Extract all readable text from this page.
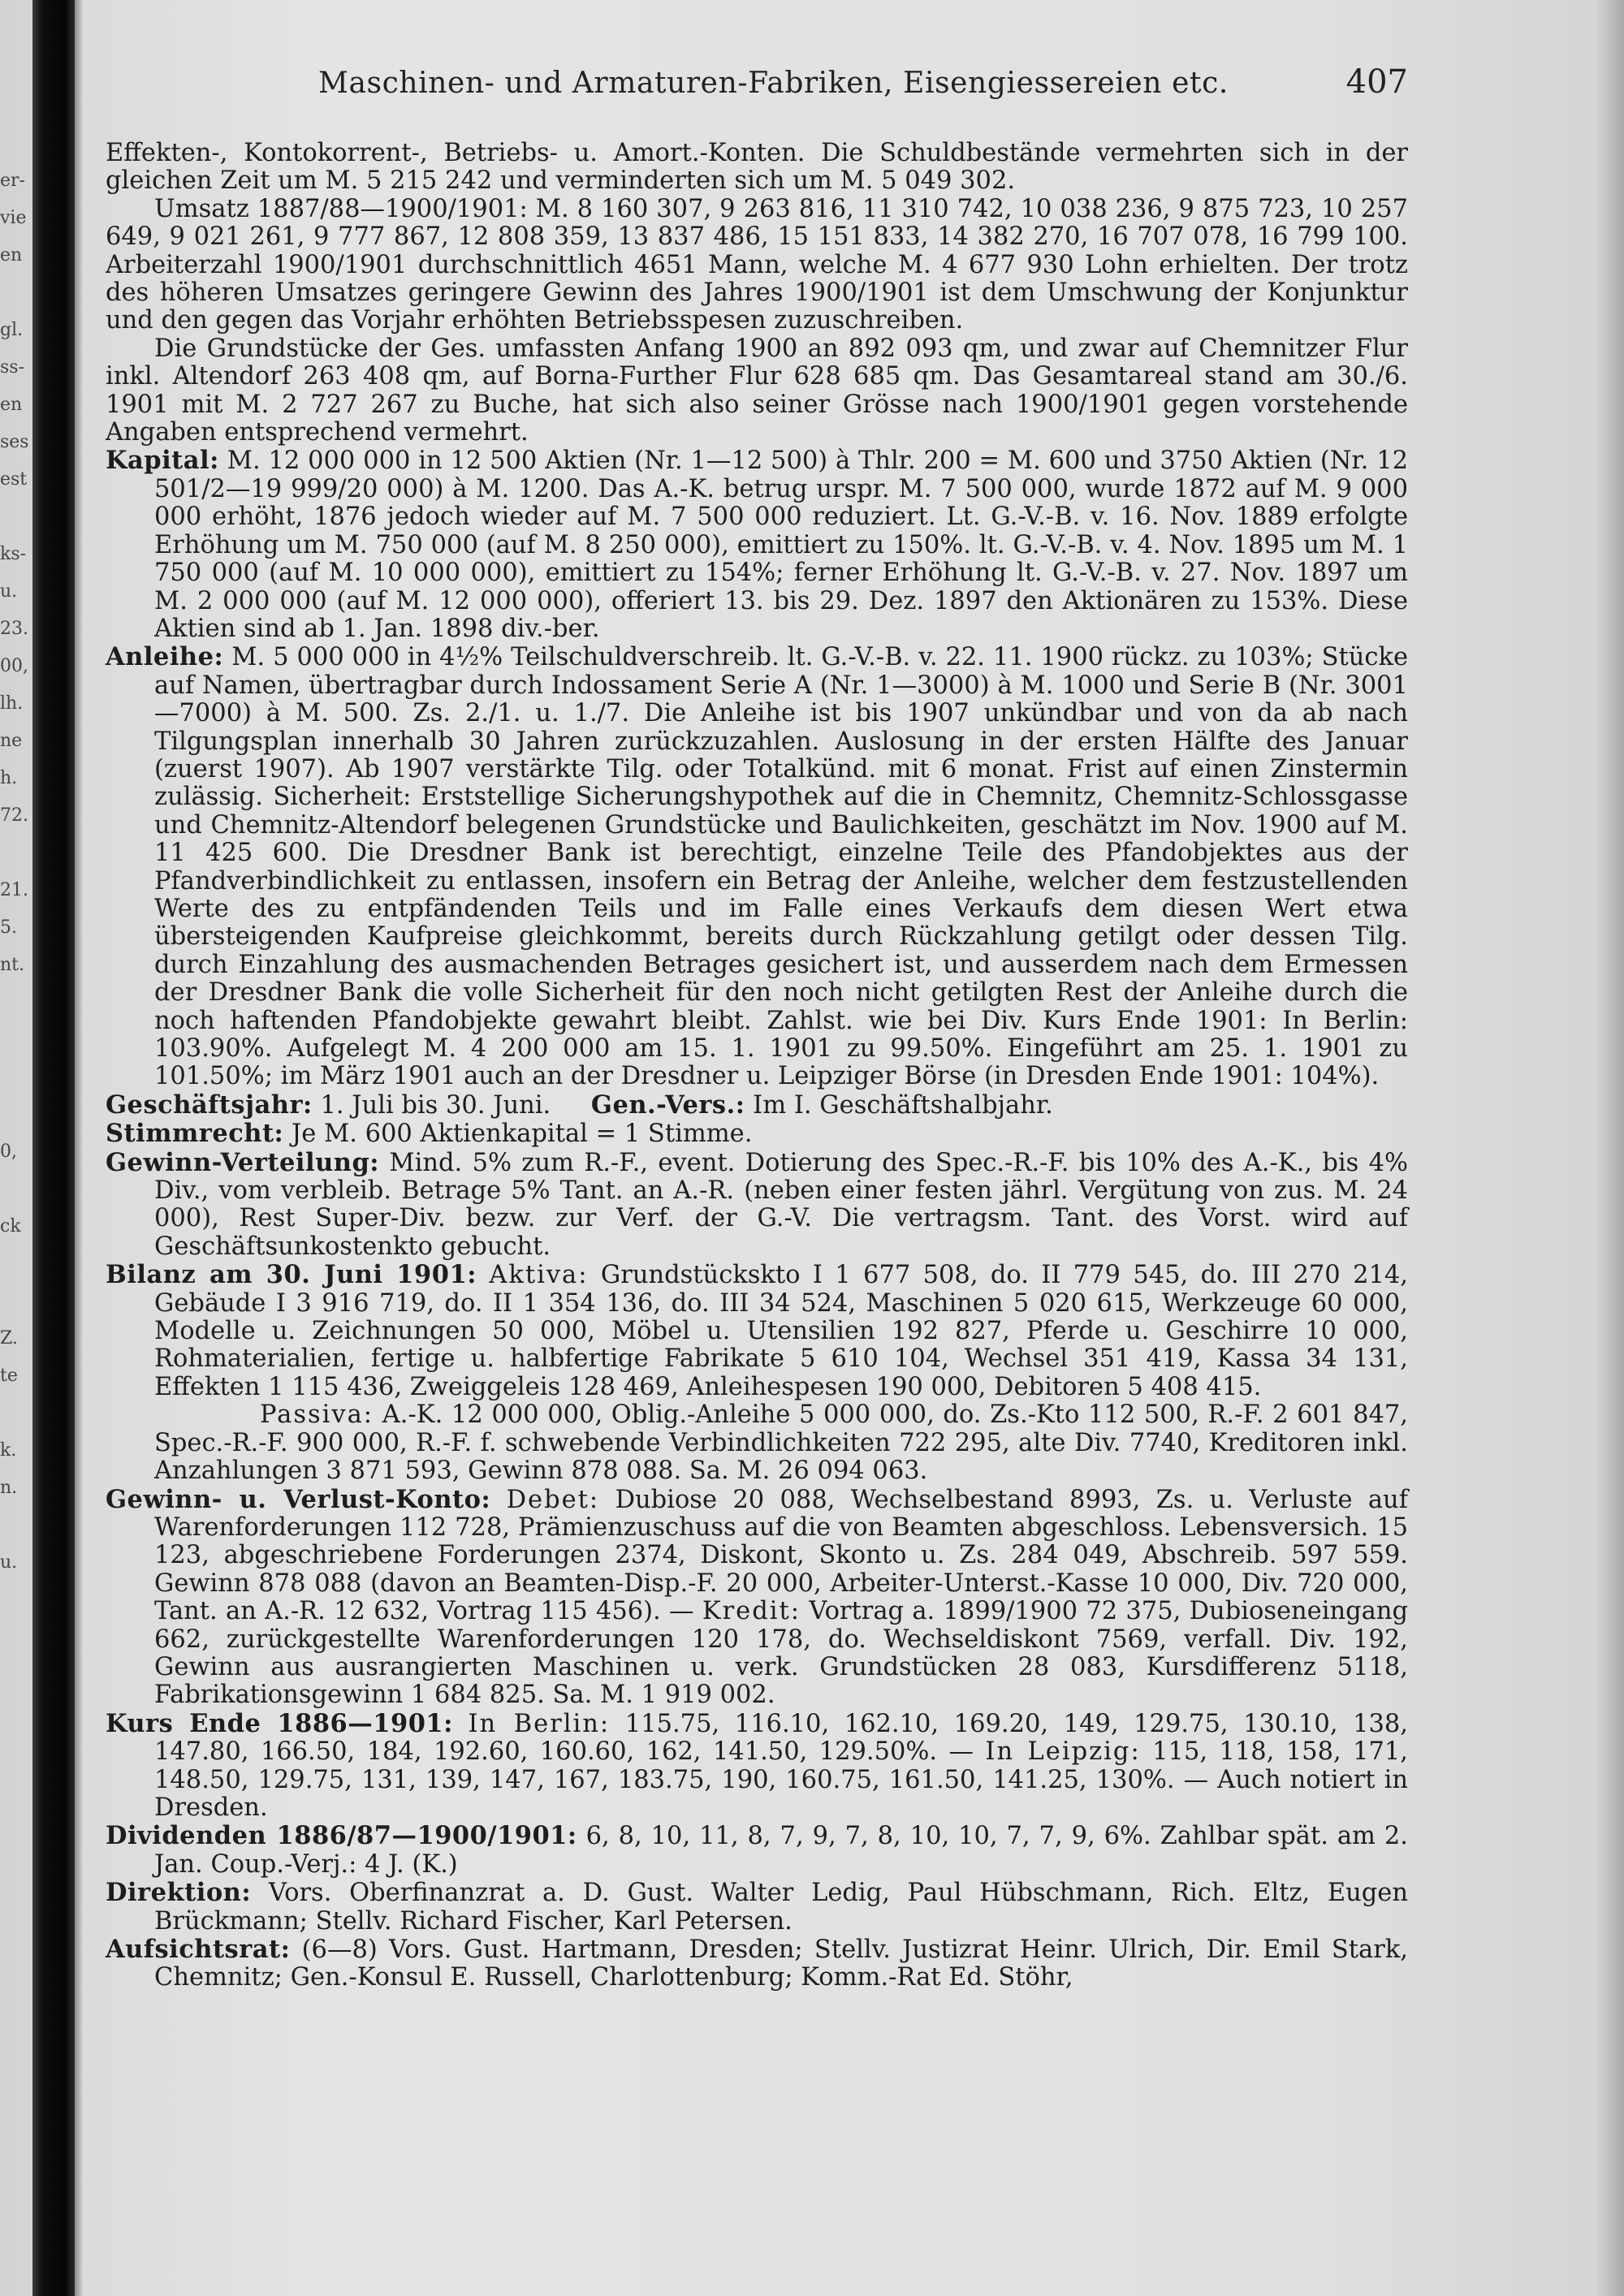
er-
vie
en
gl.
ss-
en
ses
est
ks-
u.
23.
00,
lh.
ne
h.
72.
21.
5.
nt.
0,
ck
Z.
te
k.
n.
u.
Maschinen- und Armaturen-Fabriken, Eisengiessereien etc.	407

Effekten-, Kontokorrent-, Betriebs- u. Amort.-Konten. Die Schuldbestände vermehrten sich in der gleichen Zeit um M. 5 215 242 und verminderten sich um M. 5 049 302.

Umsatz 1887/88—1900/1901: M. 8 160 307, 9 263 816, 11 310 742, 10 038 236, 9 875 723, 10 257 649, 9 021 261, 9 777 867, 12 808 359, 13 837 486, 15 151 833, 14 382 270, 16 707 078, 16 799 100. Arbeiterzahl 1900/1901 durchschnittlich 4651 Mann, welche M. 4 677 930 Lohn erhielten. Der trotz des höheren Umsatzes geringere Gewinn des Jahres 1900/1901 ist dem Umschwung der Konjunktur und den gegen das Vorjahr erhöhten Betriebsspesen zuzuschreiben.

Die Grundstücke der Ges. umfassten Anfang 1900 an 892 093 qm, und zwar auf Chemnitzer Flur inkl. Altendorf 263 408 qm, auf Borna-Further Flur 628 685 qm. Das Gesamtareal stand am 30./6. 1901 mit M. 2 727 267 zu Buche, hat sich also seiner Grösse nach 1900/1901 gegen vorstehende Angaben entsprechend vermehrt.

Kapital: M. 12 000 000 in 12 500 Aktien (Nr. 1—12 500) à Thlr. 200 = M. 600 und 3750 Aktien (Nr. 12 501/2—19 999/20 000) à M. 1200. Das A.-K. betrug urspr. M. 7 500 000, wurde 1872 auf M. 9 000 000 erhöht, 1876 jedoch wieder auf M. 7 500 000 reduziert. Lt. G.-V.-B. v. 16. Nov. 1889 erfolgte Erhöhung um M. 750 000 (auf M. 8 250 000), emittiert zu 150%. lt. G.-V.-B. v. 4. Nov. 1895 um M. 1 750 000 (auf M. 10 000 000), emittiert zu 154%; ferner Erhöhung lt. G.-V.-B. v. 27. Nov. 1897 um M. 2 000 000 (auf M. 12 000 000), offeriert 13. bis 29. Dez. 1897 den Aktionären zu 153%. Diese Aktien sind ab 1. Jan. 1898 div.-ber.

Anleihe: M. 5 000 000 in 4½% Teilschuldverschreib. lt. G.-V.-B. v. 22. 11. 1900 rückz. zu 103%; Stücke auf Namen, übertragbar durch Indossament Serie A (Nr. 1—3000) à M. 1000 und Serie B (Nr. 3001—7000) à M. 500. Zs. 2./1. u. 1./7. Die Anleihe ist bis 1907 unkündbar und von da ab nach Tilgungsplan innerhalb 30 Jahren zurückzuzahlen. Auslosung in der ersten Hälfte des Januar (zuerst 1907). Ab 1907 verstärkte Tilg. oder Totalkünd. mit 6 monat. Frist auf einen Zinstermin zulässig. Sicherheit: Erststellige Sicherungshypothek auf die in Chemnitz, Chemnitz-Schlossgasse und Chemnitz-Altendorf belegenen Grundstücke und Baulichkeiten, geschätzt im Nov. 1900 auf M. 11 425 600. Die Dresdner Bank ist berechtigt, einzelne Teile des Pfandobjektes aus der Pfandverbindlichkeit zu entlassen, insofern ein Betrag der Anleihe, welcher dem festzustellenden Werte des zu entpfändenden Teils und im Falle eines Verkaufs dem diesen Wert etwa übersteigenden Kaufpreise gleichkommt, bereits durch Rückzahlung getilgt oder dessen Tilg. durch Einzahlung des ausmachenden Betrages gesichert ist, und ausserdem nach dem Ermessen der Dresdner Bank die volle Sicherheit für den noch nicht getilgten Rest der Anleihe durch die noch haftenden Pfandobjekte gewahrt bleibt. Zahlst. wie bei Div. Kurs Ende 1901: In Berlin: 103.90%. Aufgelegt M. 4 200 000 am 15. 1. 1901 zu 99.50%. Eingeführt am 25. 1. 1901 zu 101.50%; im März 1901 auch an der Dresdner u. Leipziger Börse (in Dresden Ende 1901: 104%).

Geschäftsjahr: 1. Juli bis 30. Juni. Gen.-Vers.: Im I. Geschäftshalbjahr.

Stimmrecht: Je M. 600 Aktienkapital = 1 Stimme.

Gewinn-Verteilung: Mind. 5% zum R.-F., event. Dotierung des Spec.-R.-F. bis 10% des A.-K., bis 4% Div., vom verbleib. Betrage 5% Tant. an A.-R. (neben einer festen jährl. Vergütung von zus. M. 24 000), Rest Super-Div. bezw. zur Verf. der G.-V. Die vertragsm. Tant. des Vorst. wird auf Geschäftsunkostenkto gebucht.

Bilanz am 30. Juni 1901: Aktiva: Grundstückskto I 1 677 508, do. II 779 545, do. III 270 214, Gebäude I 3 916 719, do. II 1 354 136, do. III 34 524, Maschinen 5 020 615, Werkzeuge 60 000, Modelle u. Zeichnungen 50 000, Möbel u. Utensilien 192 827, Pferde u. Geschirre 10 000, Rohmaterialien, fertige u. halbfertige Fabrikate 5 610 104, Wechsel 351 419, Kassa 34 131, Effekten 1 115 436, Zweiggeleis 128 469, Anleihespesen 190 000, Debitoren 5 408 415.

Passiva: A.-K. 12 000 000, Oblig.-Anleihe 5 000 000, do. Zs.-Kto 112 500, R.-F. 2 601 847, Spec.-R.-F. 900 000, R.-F. f. schwebende Verbindlichkeiten 722 295, alte Div. 7740, Kreditoren inkl. Anzahlungen 3 871 593, Gewinn 878 088. Sa. M. 26 094 063.

Gewinn- u. Verlust-Konto: Debet: Dubiose 20 088, Wechselbestand 8993, Zs. u. Verluste auf Warenforderungen 112 728, Prämienzuschuss auf die von Beamten abgeschloss. Lebensversich. 15 123, abgeschriebene Forderungen 2374, Diskont, Skonto u. Zs. 284 049, Abschreib. 597 559. Gewinn 878 088 (davon an Beamten-Disp.-F. 20 000, Arbeiter-Unterst.-Kasse 10 000, Div. 720 000, Tant. an A.-R. 12 632, Vortrag 115 456). — Kredit: Vortrag a. 1899/1900 72 375, Dubioseneingang 662, zurückgestellte Warenforderungen 120 178, do. Wechseldiskont 7569, verfall. Div. 192, Gewinn aus ausrangierten Maschinen u. verk. Grundstücken 28 083, Kursdifferenz 5118, Fabrikationsgewinn 1 684 825. Sa. M. 1 919 002.

Kurs Ende 1886—1901: In Berlin: 115.75, 116.10, 162.10, 169.20, 149, 129.75, 130.10, 138, 147.80, 166.50, 184, 192.60, 160.60, 162, 141.50, 129.50%. — In Leipzig: 115, 118, 158, 171, 148.50, 129.75, 131, 139, 147, 167, 183.75, 190, 160.75, 161.50, 141.25, 130%. — Auch notiert in Dresden.

Dividenden 1886/87—1900/1901: 6, 8, 10, 11, 8, 7, 9, 7, 8, 10, 10, 7, 7, 9, 6%. Zahlbar spät. am 2. Jan. Coup.-Verj.: 4 J. (K.)

Direktion: Vors. Oberfinanzrat a. D. Gust. Walter Ledig, Paul Hübschmann, Rich. Eltz, Eugen Brückmann; Stellv. Richard Fischer, Karl Petersen.

Aufsichtsrat: (6—8) Vors. Gust. Hartmann, Dresden; Stellv. Justizrat Heinr. Ulrich, Dir. Emil Stark, Chemnitz; Gen.-Konsul E. Russell, Charlottenburg; Komm.-Rat Ed. Stöhr,
